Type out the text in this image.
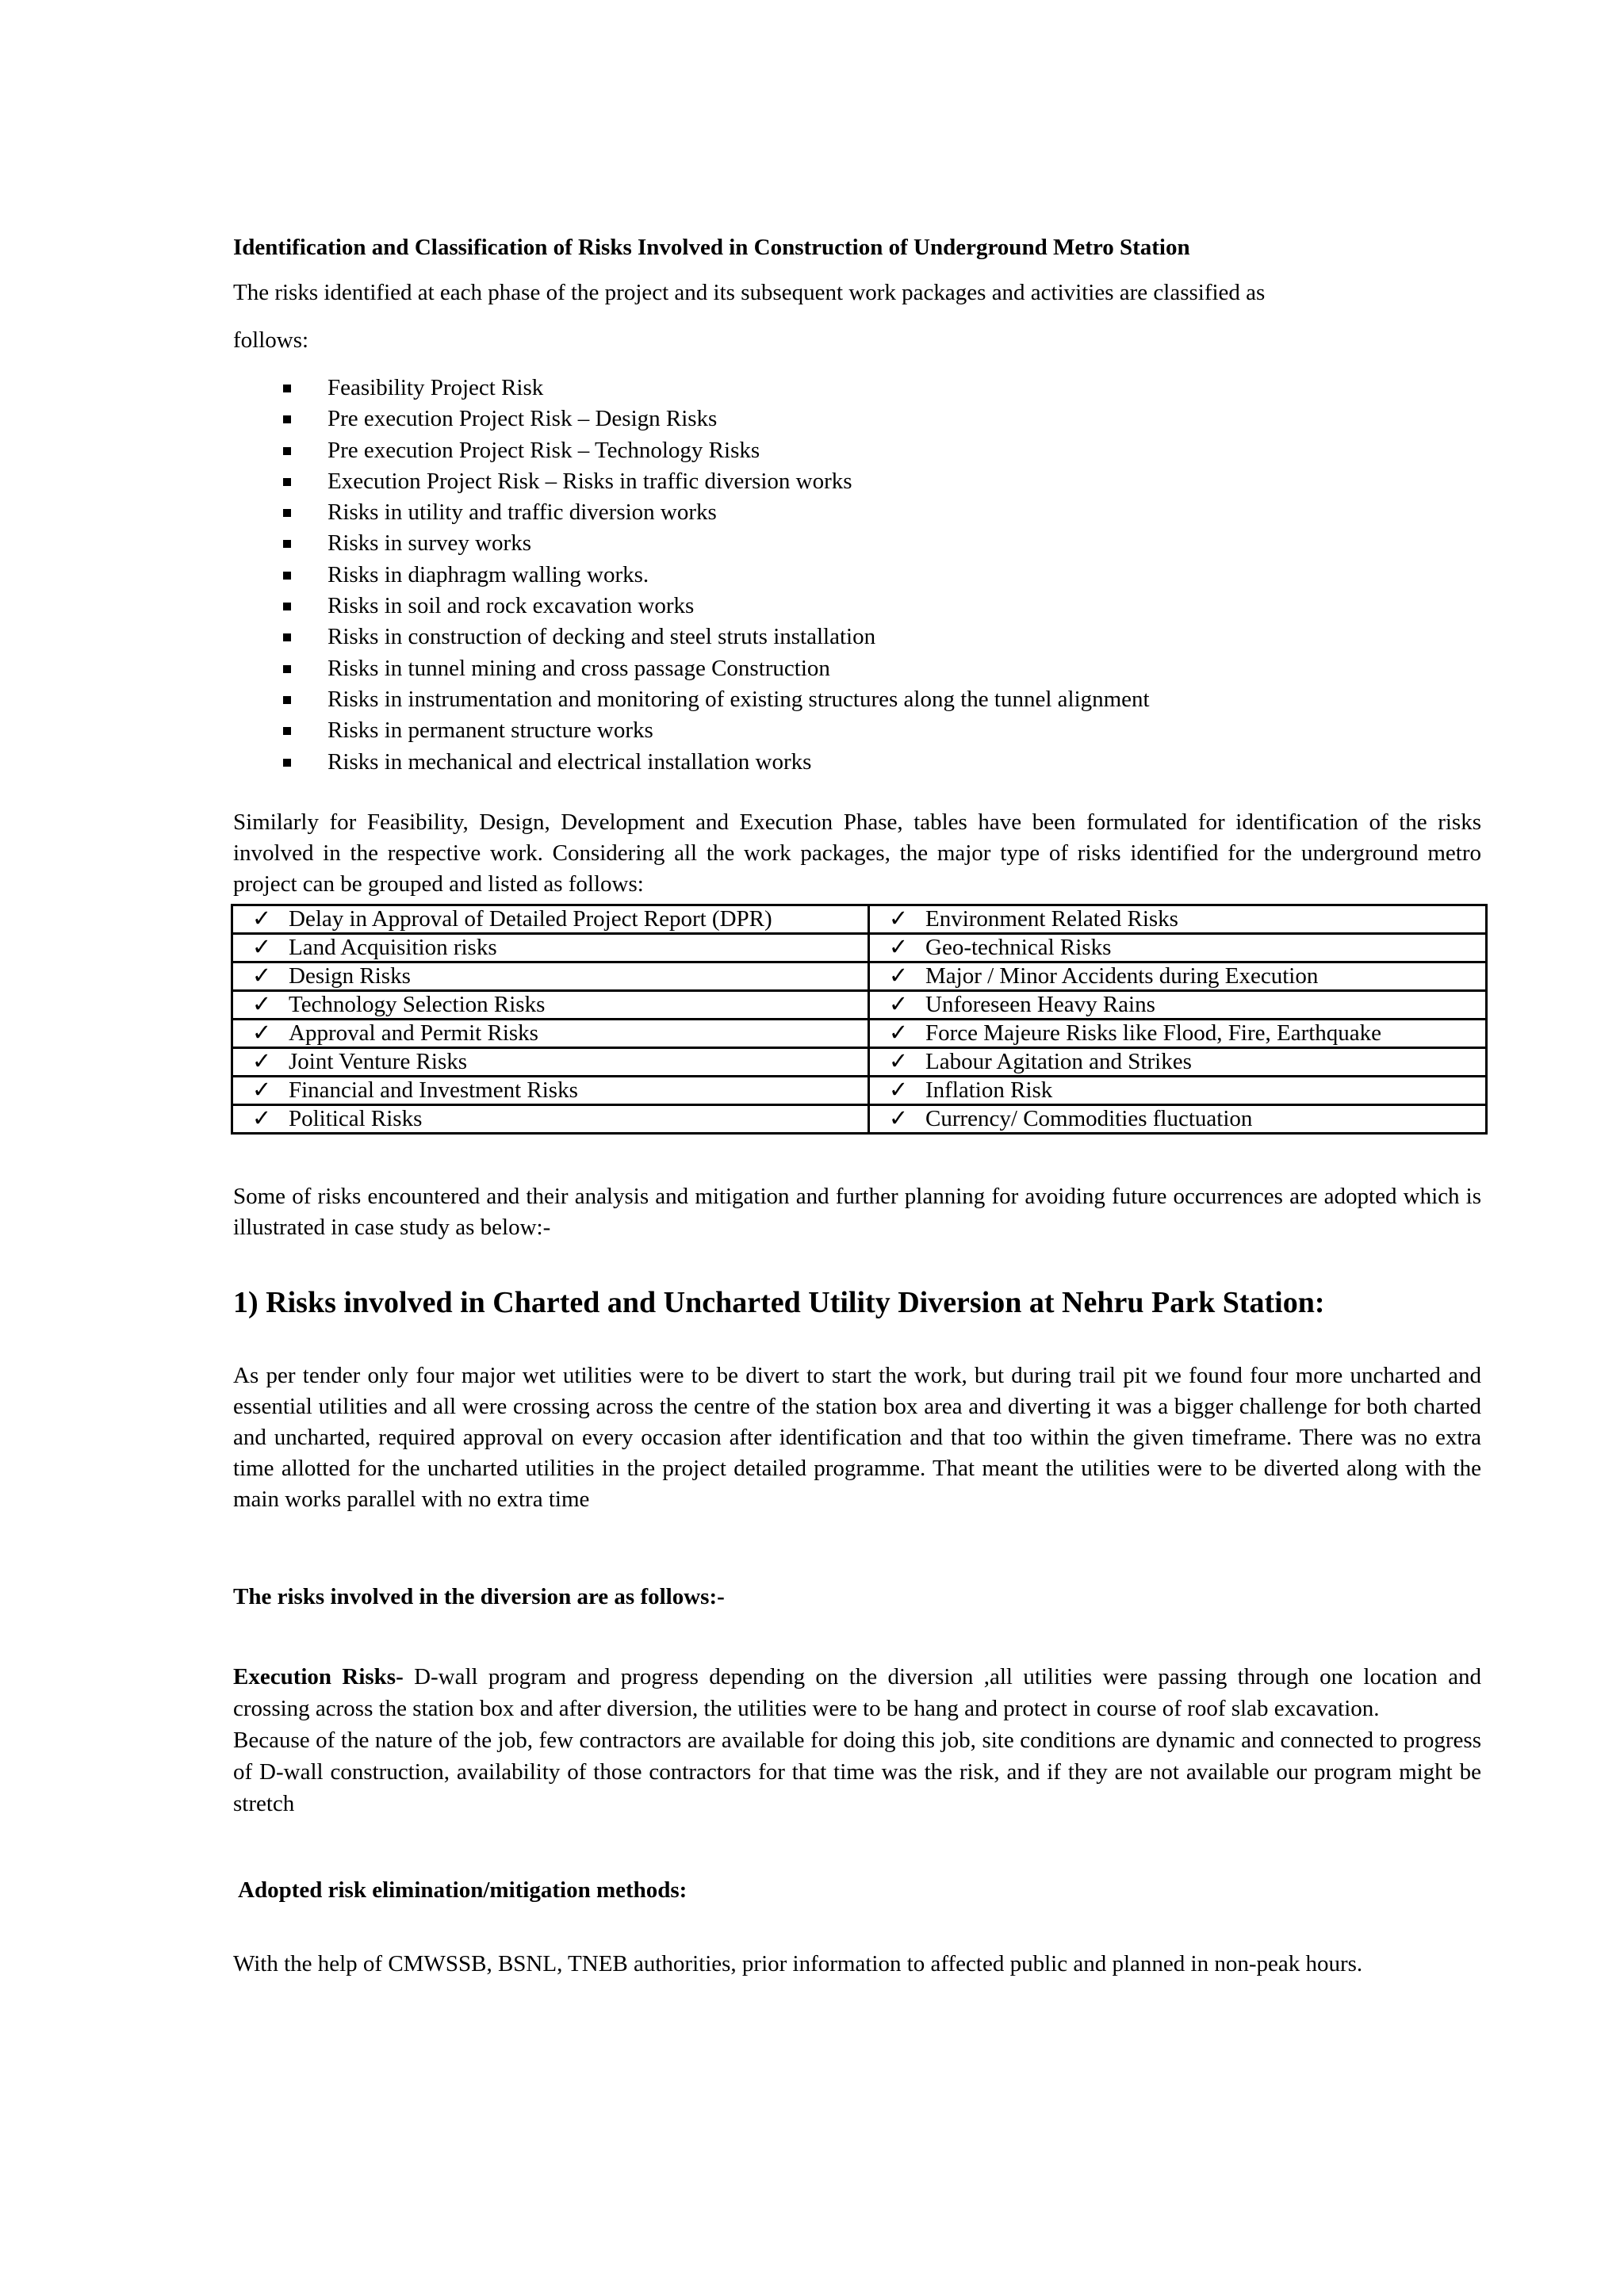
Identification and Classification of Risks Involved in Construction of Underground Metro Station

The risks identified at each phase of the project and its subsequent work packages and activities are classified as

follows:

Feasibility Project Risk
Pre execution Project Risk – Design Risks
Pre execution Project Risk – Technology Risks
Execution Project Risk – Risks in traffic diversion works
Risks in utility and traffic diversion works
Risks in survey works
Risks in diaphragm walling works.
Risks in soil and rock excavation works
Risks in construction of decking and steel struts installation
Risks in tunnel mining and cross passage Construction
Risks in instrumentation and monitoring of existing structures along the tunnel alignment
Risks in permanent structure works
Risks in mechanical and electrical installation works

Similarly for Feasibility, Design, Development and Execution Phase, tables have been formulated for identification of the risks involved in the respective work. Considering all the work packages, the major type of risks identified for the underground metro project can be grouped and listed as follows:

✓ Delay in Approval of Detailed Project Report (DPR)	✓ Environment Related Risks
✓ Land Acquisition risks	✓ Geo-technical Risks
✓ Design Risks	✓ Major / Minor Accidents during Execution
✓ Technology Selection Risks	✓ Unforeseen Heavy Rains
✓ Approval and Permit Risks	✓ Force Majeure Risks like Flood, Fire, Earthquake
✓ Joint Venture Risks	✓ Labour Agitation and Strikes
✓ Financial and Investment Risks	✓ Inflation Risk
✓ Political Risks	✓ Currency/ Commodities fluctuation

Some of risks encountered and their analysis and mitigation and further planning for avoiding future occurrences are adopted which is illustrated in case study as below:-

1) Risks involved in Charted and Uncharted Utility Diversion at Nehru Park Station:

As per tender only four major wet utilities were to be divert to start the work, but during trail pit we found four more uncharted and essential utilities and all were crossing across the centre of the station box area and diverting it was a bigger challenge for both charted and uncharted, required approval on every occasion after identification and that too within the given timeframe. There was no extra time allotted for the uncharted utilities in the project detailed programme. That meant the utilities were to be diverted along with the main works parallel with no extra time

The risks involved in the diversion are as follows:-

Execution Risks- D-wall program and progress depending on the diversion ,all utilities were passing through one location and crossing across the station box and after diversion, the utilities were to be hang and protect in course of roof slab excavation.
Because of the nature of the job, few contractors are available for doing this job, site conditions are dynamic and connected to progress of D-wall construction, availability of those contractors for that time was the risk, and if they are not available our program might be stretch

Adopted risk elimination/mitigation methods:

With the help of CMWSSB, BSNL, TNEB authorities, prior information to affected public and planned in non-peak hours.
